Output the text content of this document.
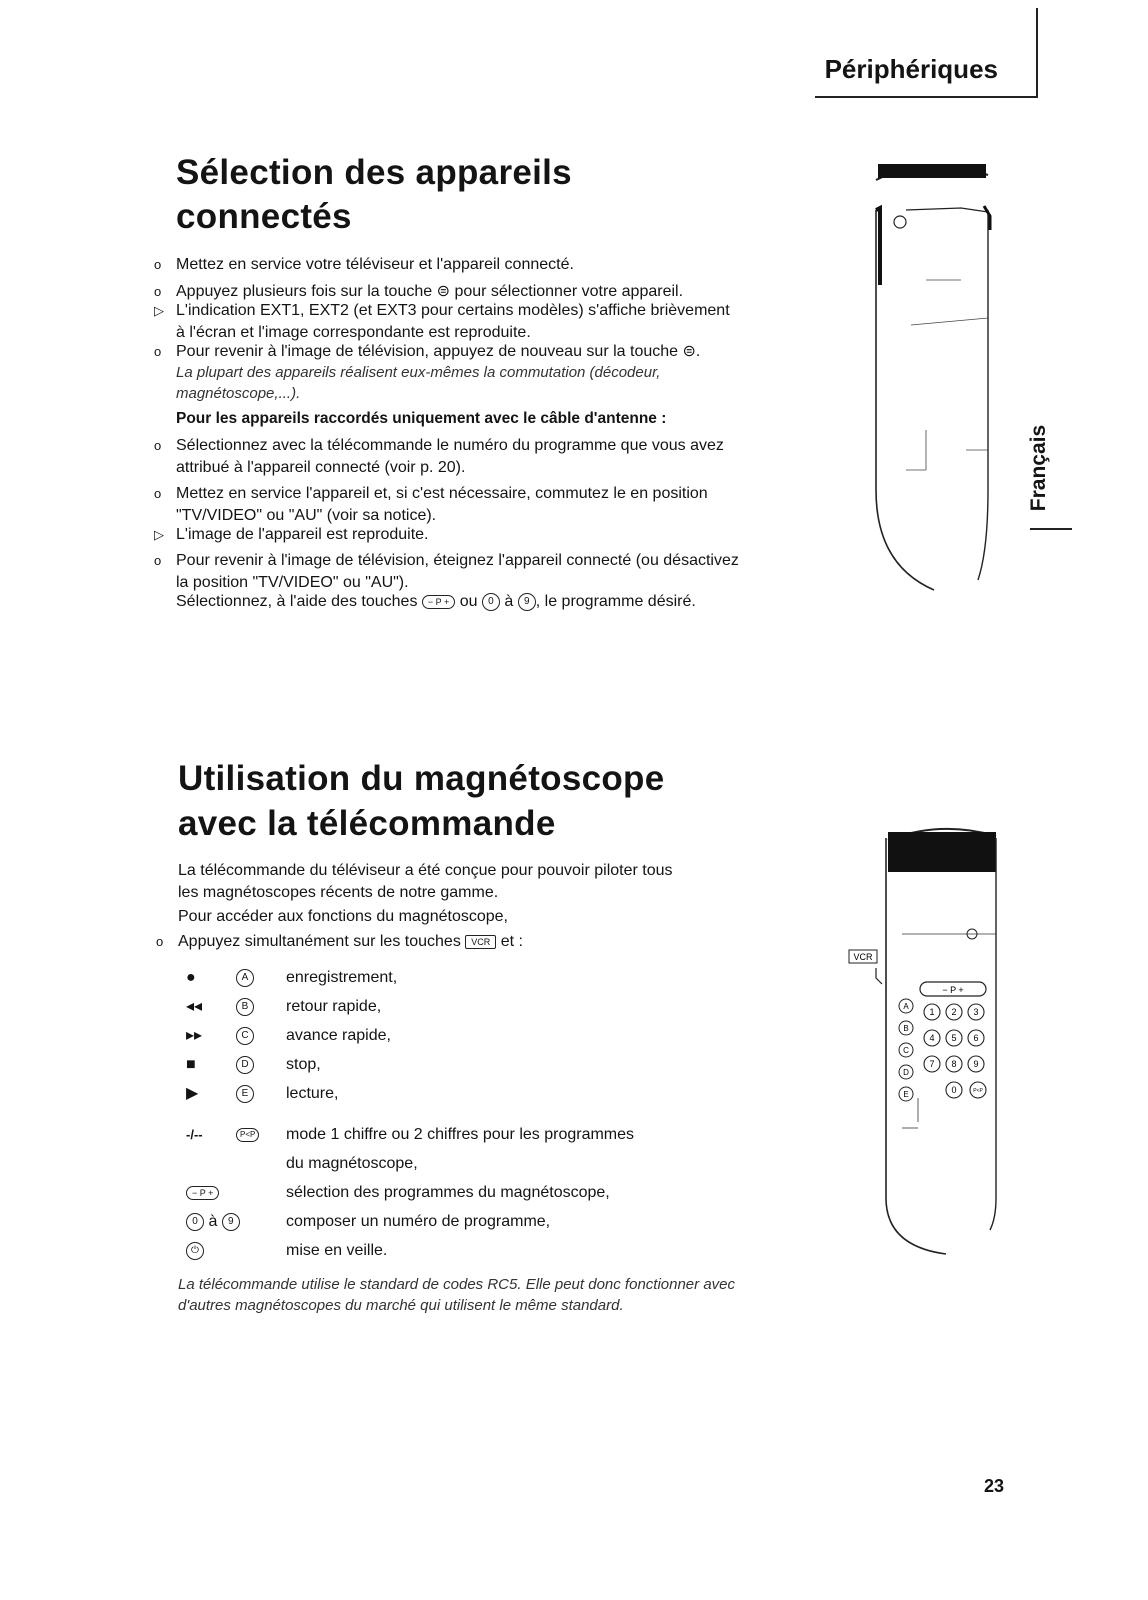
Périphériques
Sélection des appareils
connectés
o Mettez en service votre téléviseur et l'appareil connecté.
o Appuyez plusieurs fois sur la touche ⊜ pour sélectionner votre appareil.
▷ L'indication EXT1, EXT2 (et EXT3 pour certains modèles) s'affiche brièvement
à l'écran et l'image correspondante est reproduite.
o Pour revenir à l'image de télévision, appuyez de nouveau sur la touche ⊜.
La plupart des appareils réalisent eux-mêmes la commutation (décodeur,
magnétoscope,...).
Pour les appareils raccordés uniquement avec le câble d'antenne :
o Sélectionnez avec la télécommande le numéro du programme que vous avez
attribué à l'appareil connecté (voir p. 20).
o Mettez en service l'appareil et, si c'est nécessaire, commutez le en position
"TV/VIDEO" ou "AU" (voir sa notice).
▷ L'image de l'appareil est reproduite.
o Pour revenir à l'image de télévision, éteignez l'appareil connecté (ou désactivez
la position "TV/VIDEO" ou "AU").
Sélectionnez, à l'aide des touches − P + ou 0 à 9 , le programme désiré.
Français
Utilisation du magnétoscope
avec la télécommande
La télécommande du téléviseur a été conçue pour pouvoir piloter tous
les magnétoscopes récents de notre gamme.
Pour accéder aux fonctions du magnétoscope,
o Appuyez simultanément sur les touches VCR et :
●	A	enregistrement,
◂◂	B	retour rapide,
▸▸	C	avance rapide,
■	D	stop,
▶	E	lecture,
-/--	P<P mode 1 chiffre ou 2 chiffres pour les programmes
du magnétoscope,
− P +	sélection des programmes du magnétoscope,
0 à 9	composer un numéro de programme,
⏻	mise en veille.
La télécommande utilise le standard de codes RC5. Elle peut donc fonctionner avec
d'autres magnétoscopes du marché qui utilisent le même standard.
VCR
− P +
A
B
C
D
E
1 2 3
4 5 6
7 8 9
0	P<P
23
